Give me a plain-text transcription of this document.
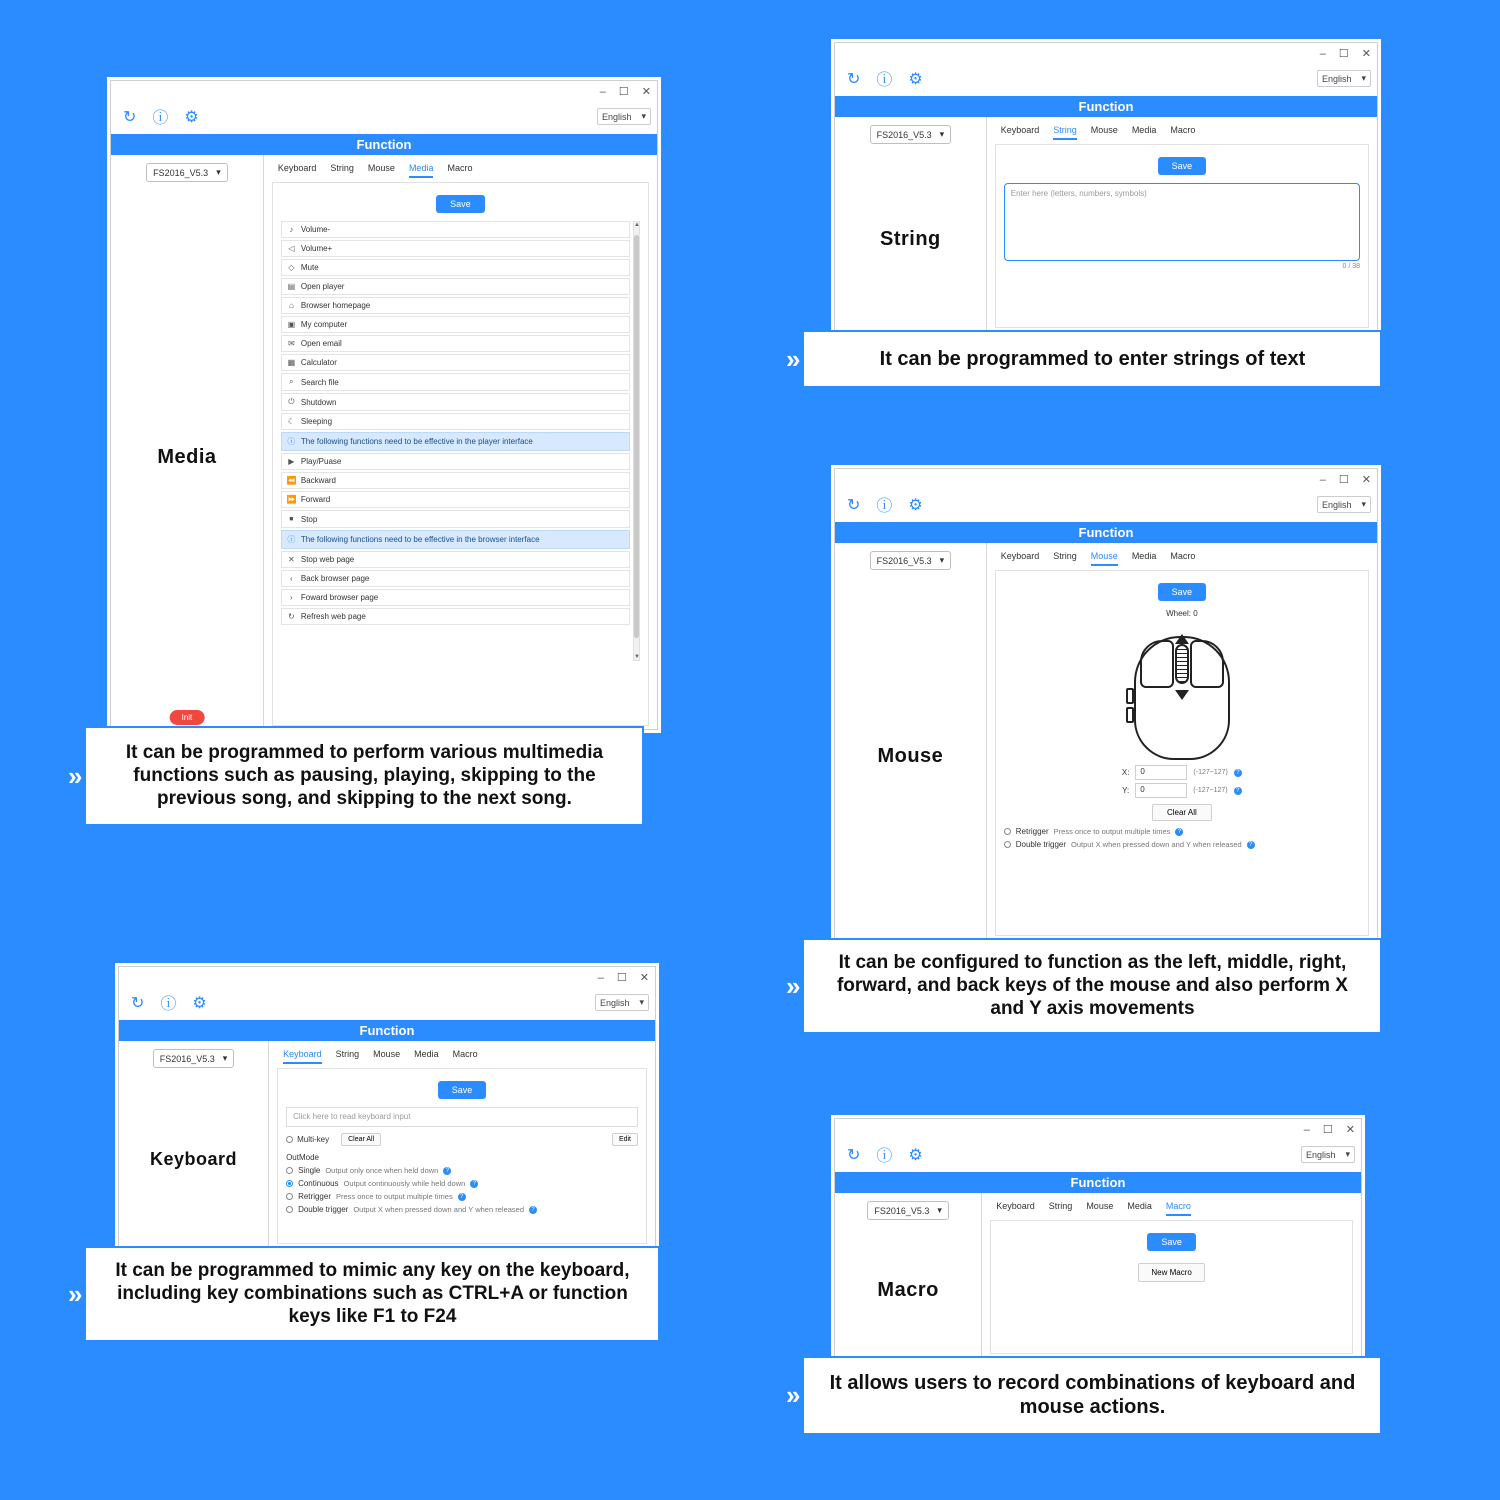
– ☐ ✕
↻ ⓘ ⚙	English ▾
Function
FS2016_V5.3 ▾
Media
Init
Keyboard String Mouse Media Macro
Save
♪ Volume-
◁ Volume+
◇ Mute
▤ Open player
⌂ Browser homepage
▣ My computer
✉ Open email
▦ Calculator
⌕ Search file
⏻ Shutdown
☾ Sleeping
ⓘ The following functions need to be effective in the player interface
▶ Play/Puase
⏪ Backward
⏩ Forward
⏹ Stop
ⓘ The following functions need to be effective in the browser interface
✕ Stop web page
‹	Back browser page
›	Foward browser page
↻ Refresh web page
▲
▼
»
It can be programmed to perform various multimedia functions such as pausing, playing, skipping to the previous song, and skipping to the next song.
– ☐ ✕
↻ ⓘ ⚙	English ▾
Function
FS2016_V5.3 ▾
Keyboard
Keyboard String Mouse Media Macro
Save
Click here to read keyboard input
Multi-key	Clear All	Edit
OutMode
Single Output only once when held down	?
Continuous Output continuously while held down	?
Retrigger Press once to output multiple times	?
Double trigger Output X when pressed down and Y when released	?
»
It can be programmed to mimic any key on the keyboard, including key combinations such as CTRL+A or function keys like F1 to F24
– ☐ ✕
↻ ⓘ ⚙	English ▾
Function
FS2016_V5.3 ▾
String
Keyboard String Mouse Media Macro
Save
Enter here (letters, numbers, symbols)
0 / 38
»	It can be programmed to enter strings of text
– ☐ ✕
↻ ⓘ ⚙	English ▾
Function
FS2016_V5.3 ▾
Mouse
Keyboard String Mouse Media Macro
Save
Wheel: 0
X:	0	(-127~127)	?
Y:	0	(-127~127)	?
Clear All
Retrigger Press once to output multiple times	?
Double trigger Output X when pressed down and Y when released	?
»
It can be configured to function as the left, middle, right, forward, and back keys of the mouse and also perform X and Y axis movements
– ☐ ✕
↻ ⓘ ⚙	English ▾
Function
FS2016_V5.3 ▾
Macro
Keyboard String Mouse Media Macro
Save
New Macro
»	It allows users to record combinations of keyboard and mouse actions.
